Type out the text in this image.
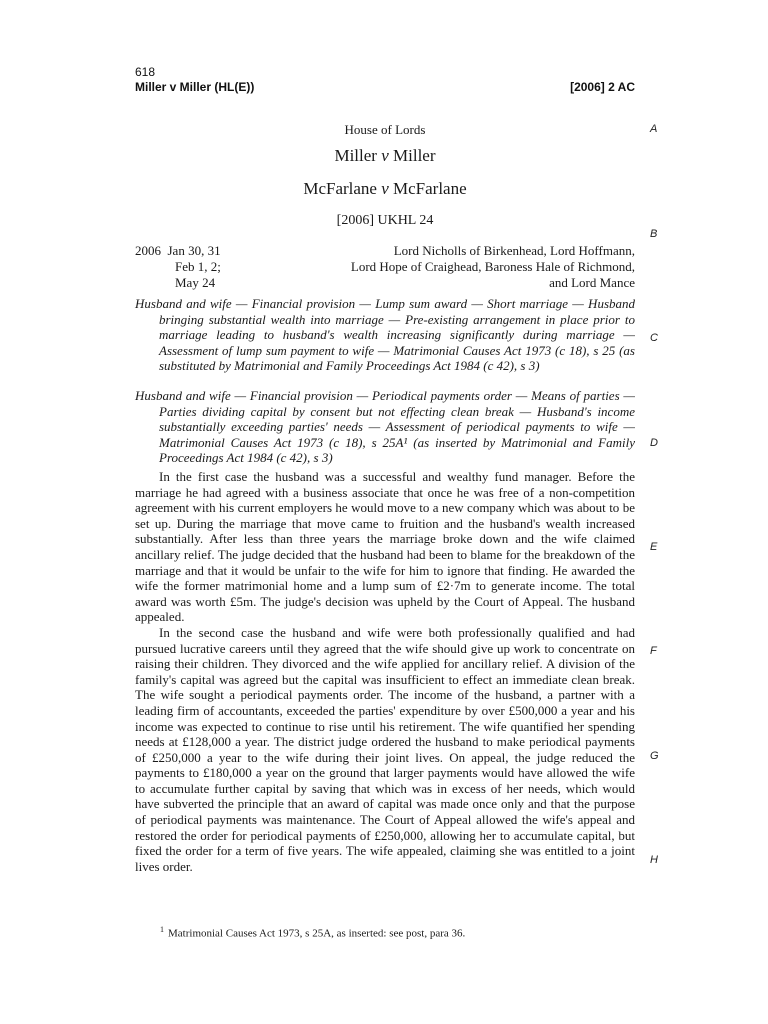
618
Miller v Miller (HL(E))	[2006] 2 AC
A
B
C
D
E
F
G
H
House of Lords
Miller v Miller
McFarlane v McFarlane
[2006] UKHL 24
2006  Jan 30, 31
Feb 1, 2;
May 24
Lord Nicholls of Birkenhead, Lord Hoffmann,
Lord Hope of Craighead, Baroness Hale of Richmond,
and Lord Mance
Husband and wife — Financial provision — Lump sum award — Short marriage — Husband bringing substantial wealth into marriage — Pre-existing arrangement in place prior to marriage leading to husband's wealth increasing significantly during marriage — Assessment of lump sum payment to wife — Matrimonial Causes Act 1973 (c 18), s 25 (as substituted by Matrimonial and Family Proceedings Act 1984 (c 42), s 3)
Husband and wife — Financial provision — Periodical payments order — Means of parties — Parties dividing capital by consent but not effecting clean break — Husband's income substantially exceeding parties' needs — Assessment of periodical payments to wife — Matrimonial Causes Act 1973 (c 18), s 25A¹ (as inserted by Matrimonial and Family Proceedings Act 1984 (c 42), s 3)

In the first case the husband was a successful and wealthy fund manager. Before the marriage he had agreed with a business associate that once he was free of a non-competition agreement with his current employers he would move to a new company which was about to be set up. During the marriage that move came to fruition and the husband's wealth increased substantially. After less than three years the marriage broke down and the wife claimed ancillary relief. The judge decided that the husband had been to blame for the breakdown of the marriage and that it would be unfair to the wife for him to ignore that finding. He awarded the wife the former matrimonial home and a lump sum of £2·7m to generate income. The total award was worth £5m. The judge's decision was upheld by the Court of Appeal. The husband appealed.

In the second case the husband and wife were both professionally qualified and had pursued lucrative careers until they agreed that the wife should give up work to concentrate on raising their children. They divorced and the wife applied for ancillary relief. A division of the family's capital was agreed but the capital was insufficient to effect an immediate clean break. The wife sought a periodical payments order. The income of the husband, a partner with a leading firm of accountants, exceeded the parties' expenditure by over £500,000 a year and his income was expected to continue to rise until his retirement. The wife quantified her spending needs at £128,000 a year. The district judge ordered the husband to make periodical payments of £250,000 a year to the wife during their joint lives. On appeal, the judge reduced the payments to £180,000 a year on the ground that larger payments would have allowed the wife to accumulate further capital by saving that which was in excess of her needs, which would have subverted the principle that an award of capital was made once only and that the purpose of periodical payments was maintenance. The Court of Appeal allowed the wife's appeal and restored the order for periodical payments of £250,000, allowing her to accumulate capital, but fixed the order for a term of five years. The wife appealed, claiming she was entitled to a joint lives order.

$^1$ Matrimonial Causes Act 1973, s 25A, as inserted: see post, para 36.
